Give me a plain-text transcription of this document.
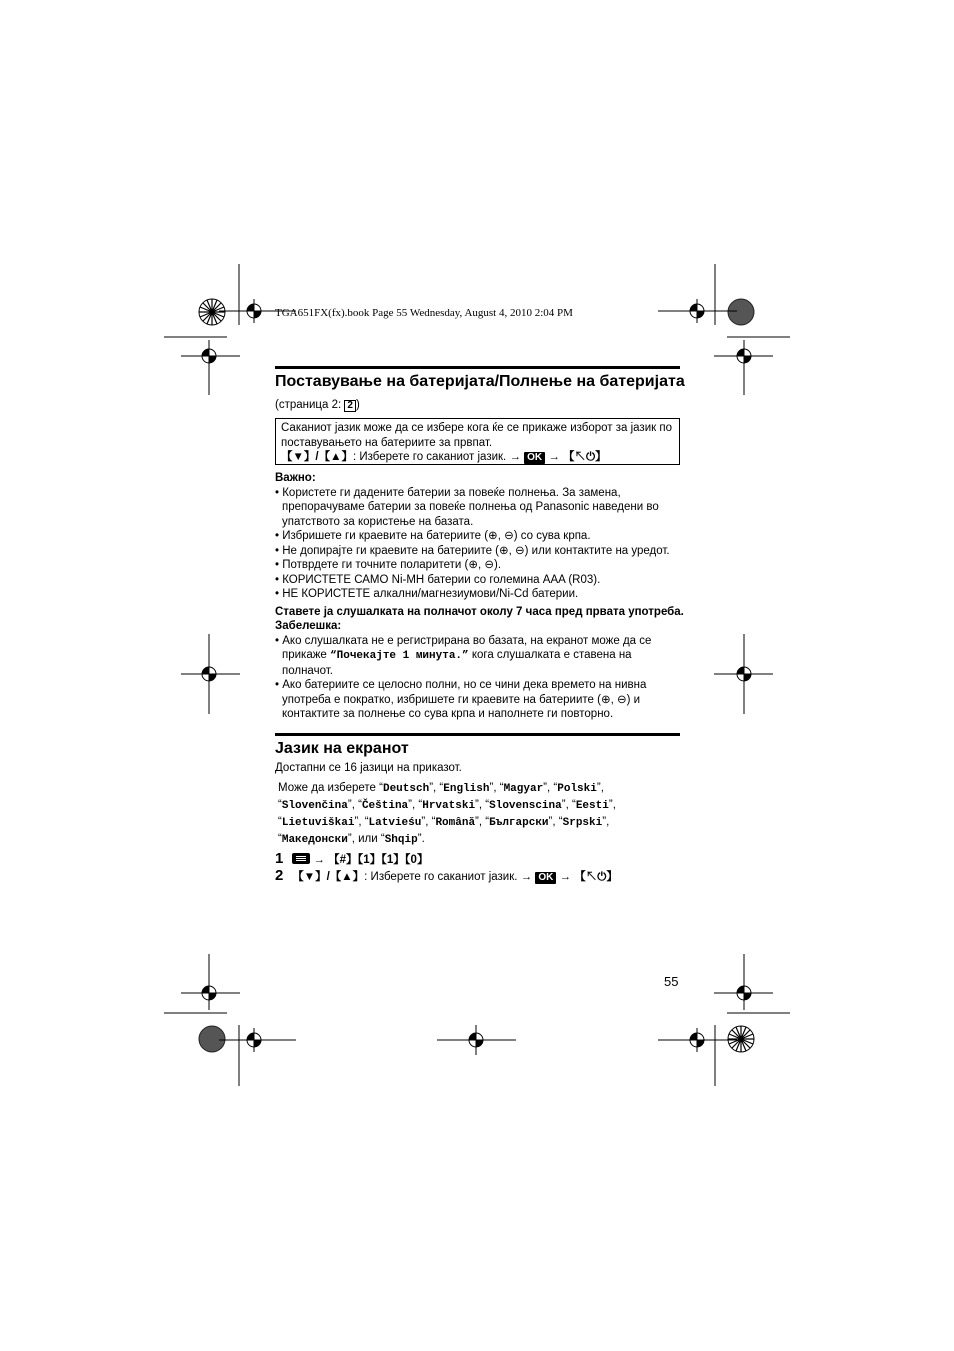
TGA651FX(fx).book Page 55 Wednesday, August 4, 2010 2:04 PM
Поставување на батеријата/Полнење на батеријата
(страница 2: 2 )
Саканиот јазик може да се избере кога ќе се прикаже изборот за јазик по
поставувањето на батериите за првпат.
【▼】/【▲】: Изберете го саканиот јазик. → OK → 【↖⏻】
Важно:
• Користете ги дадените батерии за повеќе полнења. За замена, препорачуваме батерии за повеќе полнења од Panasonic наведени во упатството за користење на базата.
• Избришете ги краевите на батериите (⊕, ⊖) со сува крпа.
• Не допирајте ги краевите на батериите (⊕, ⊖) или контактите на уредот.
• Потврдете ги точните поларитети (⊕, ⊖).
• КОРИСТЕТЕ САМО Ni-MH батерии со големина AAA (R03).
• НЕ КОРИСТЕТЕ алкални/магнезиумови/Ni-Cd батерии.
Ставете ја слушалката на полначот околу 7 часа пред првата употреба.
Забелешка:
• Ако слушалката не е регистрирана во базата, на екранот може да се прикаже “Почекајте 1 минута.” кога слушалката е ставена на полначот.
• Ако батериите се целосно полни, но се чини дека времето на нивна употреба е пократко, избришете ги краевите на батериите (⊕, ⊖) и контактите за полнење со сува крпа и наполнете ги повторно.
Јазик на екранот
Достапни се 16 јазици на приказот.
Може да изберете “Deutsch”, “English”, “Magyar”, “Polski”, “Slovenčina”, “Čeština”, “Hrvatski”, “Slovenscina”, “Eesti”, “Lietuviškai”, “Latvieśu”, “Română”, “Български”, “Srpski”, “Македонски”, или “Shqip”.
1	→ 【#】【1】【1】【0】
2 【▼】/【▲】: Изберете го саканиот јазик. → OK → 【↖⏻】
55
